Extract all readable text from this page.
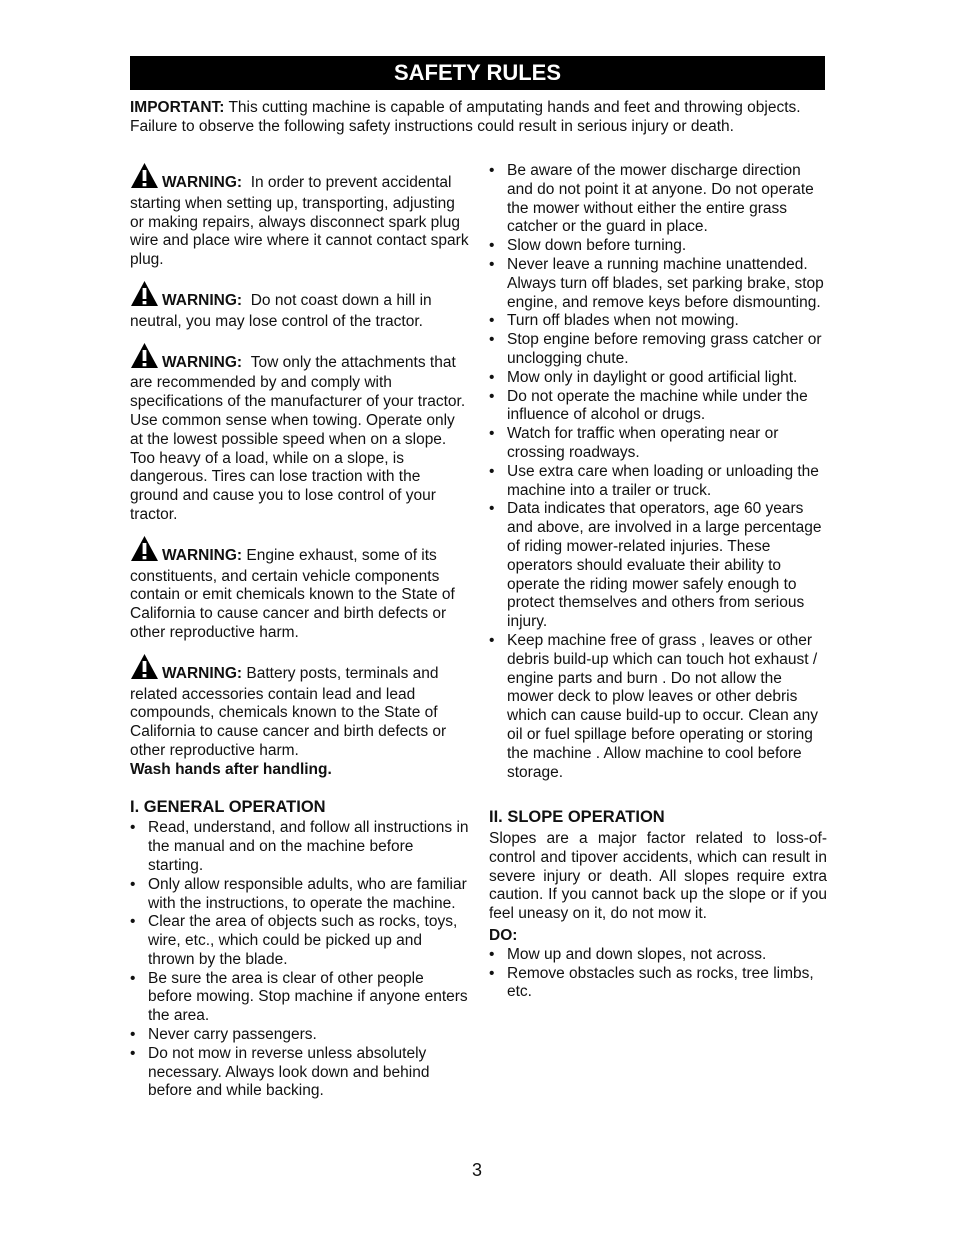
SAFETY RULES
IMPORTANT: This cutting machine is capable of amputating hands and feet and throwing objects. Failure to observe the following safety instructions could result in serious injury or death.
WARNING: In order to prevent accidental starting when setting up, transporting, adjusting or making repairs, always disconnect spark plug wire and place wire where it cannot contact spark plug.
WARNING: Do not coast down a hill in neutral, you may lose control of the tractor.
WARNING: Tow only the attachments that are recommended by and comply with specifications of the manufacturer of your tractor. Use common sense when towing. Operate only at the lowest possible speed when on a slope. Too heavy of a load, while on a slope, is dangerous. Tires can lose traction with the ground and cause you to lose control of your tractor.
WARNING: Engine exhaust, some of its constituents, and certain vehicle components contain or emit chemicals known to the State of California to cause cancer and birth defects or other reproductive harm.
WARNING: Battery posts, terminals and related accessories contain lead and lead compounds, chemicals known to the State of California to cause cancer and birth defects or other reproductive harm.
Wash hands after handling.
I. GENERAL OPERATION
• Read, understand, and follow all instructions in the manual and on the machine before starting.
• Only allow responsible adults, who are familiar with the instructions, to operate the machine.
• Clear the area of objects such as rocks, toys, wire, etc., which could be picked up and thrown by the blade.
• Be sure the area is clear of other people before mowing. Stop machine if anyone enters the area.
• Never carry passengers.
• Do not mow in reverse unless absolutely necessary. Always look down and behind before and while backing.
• Be aware of the mower discharge direction and do not point it at anyone. Do not operate the mower without either the entire grass catcher or the guard in place.
• Slow down before turning.
• Never leave a running machine unattended. Always turn off blades, set parking brake, stop engine, and remove keys before dismounting.
• Turn off blades when not mowing.
• Stop engine before removing grass catcher or unclogging chute.
• Mow only in daylight or good artificial light.
• Do not operate the machine while under the influence of alcohol or drugs.
• Watch for traffic when operating near or crossing roadways.
• Use extra care when loading or unloading the machine into a trailer or truck.
• Data indicates that operators, age 60 years and above, are involved in a large percentage of riding mower-related injuries. These operators should evaluate their ability to operate the riding mower safely enough to protect themselves and others from serious injury.
• Keep machine free of grass , leaves or other debris build-up which can touch hot exhaust / engine parts and burn . Do not allow the mower deck to plow leaves or other debris which can cause build-up to occur. Clean any oil or fuel spillage before operating or storing the machine . Allow machine to cool before storage.
II. SLOPE OPERATION
Slopes are a major factor related to loss-of-control and tipover accidents, which can result in severe injury or death. All slopes require extra caution. If you cannot back up the slope or if you feel uneasy on it, do not mow it.
DO:
• Mow up and down slopes, not across.
• Remove obstacles such as rocks, tree limbs, etc.
3
